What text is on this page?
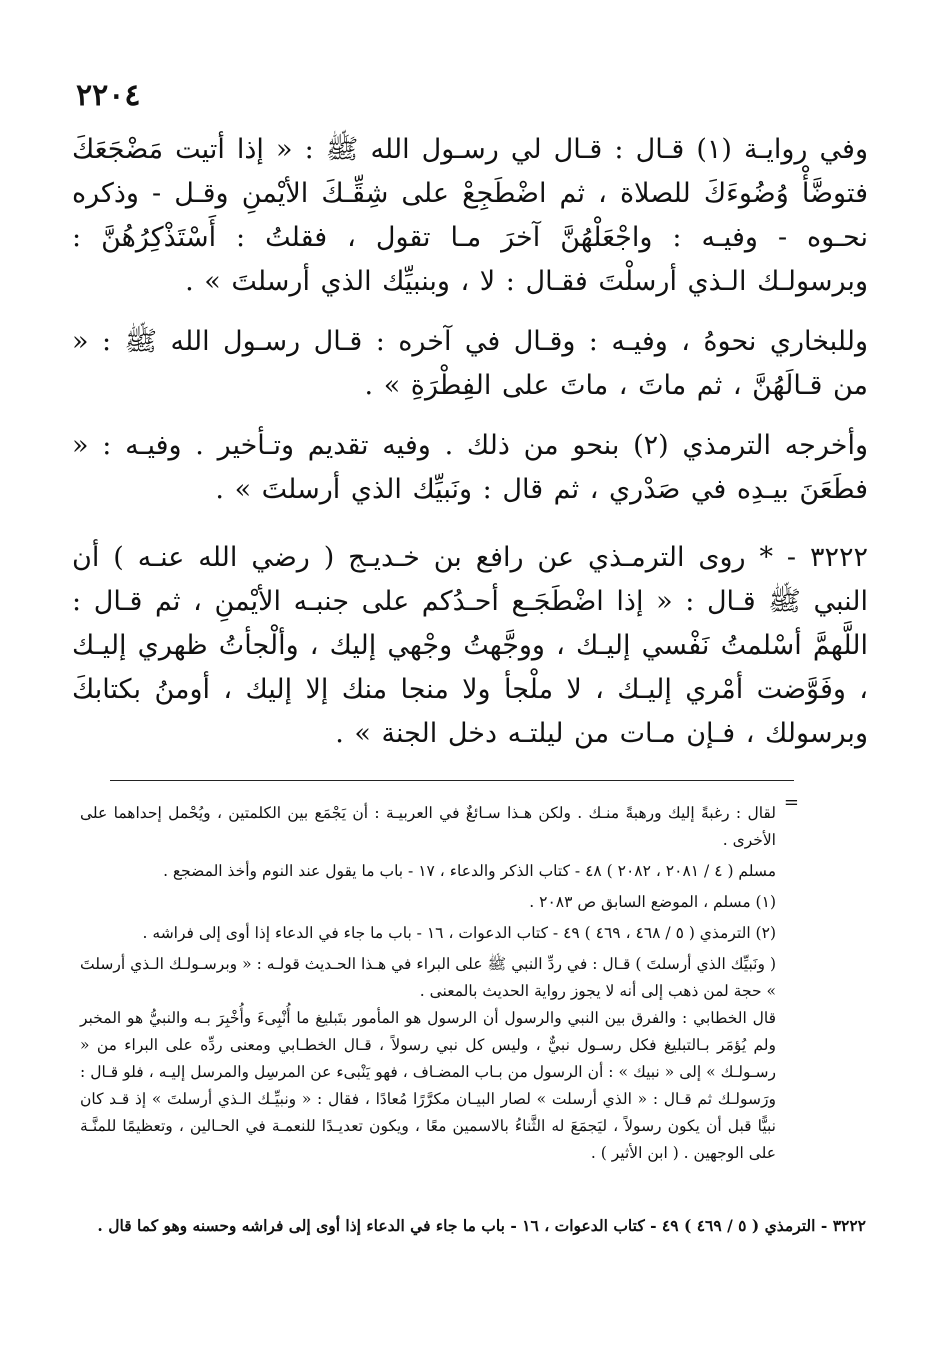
٢٢٠٤

وفي روايـة (١) قـال : قـال لي رسـول الله ﷺ : « إذا أتيت مَضْجَعَكَ فتوضَّأْ وُضُوءَكَ للصلاة ، ثم اضْطَجِعْ على شِقِّـكَ الأيْمنِ وقـل - وذكره نحـوه - وفيـه : واجْعَلْهُنَّ آخرَ مـا تقول ، فقلتُ : أَسْتَذْكِرُهُنَّ : وبرسولـك الـذي أرسلْتَ فقـال : لا ، وبنبيِّك الذي أرسلتَ » .

وللبخاري نحوهُ ، وفيـه : وقـال في آخره : قـال رسـول الله ﷺ : « من قـالَهُنَّ ، ثم ماتَ ، ماتَ على الفِطْرَةِ » .

وأخرجه الترمذي (٢) بنحو من ذلك . وفيه تقديم وتـأخير . وفيـه : « فطَعَنَ بيـدِه في صَدْري ، ثم قال : ونَبيِّك الذي أرسلتَ » .

٣٢٢٢ - * روى الترمـذي عن رافع بن خـديـج ( رضي الله عنـه ) أن النبي ﷺ قـال : « إذا اضْطَجَـع أحـدُكم على جنبـه الأيْمنِ ، ثم قـال : اللَّهمَّ أسْلمتُ نَفْسي إليـك ، ووجَّهتُ وجْهي إليك ، وألْجأتُ ظهري إليـك ، وفَوَّضت أمْري إليـك ، لا ملْجأ ولا منجا منك إلا إليك ، أومنُ بكتابكَ وبرسولك ، فـإن مـات من ليلتـه دخل الجنة » .

=

لقال : رغبةً إليك ورهبةً منـك . ولكن هـذا سـائغٌ في العربيـة : أن يَجْمَع بين الكلمتين ، ويُحْمل إحداهما على الأخرى .

مسلم ( ٤ / ٢٠٨١ ، ٢٠٨٢ ) ٤٨ - كتاب الذكر والدعاء ، ١٧ - باب ما يقول عند النوم وأخذ المضجع .

(١) مسلم ، الموضع السابق ص ٢٠٨٣ .

(٢) الترمذي ( ٥ / ٤٦٨ ، ٤٦٩ ) ٤٩ - كتاب الدعوات ، ١٦ - باب ما جاء في الدعاء إذا أوى إلى فراشه .

( ونَبيِّك الذي أرسلتَ ) قـال : في ردِّ النبي ﷺ على البراء في هـذا الحـديث قولـه : « وبرسـولـك الـذي أرسلتَ » حجة لمن ذهب إلى أنه لا يجوز رواية الحديث بالمعنى .

قال الخطابي : والفرق بين النبي والرسول أن الرسول هو المأمور بتَبليغ ما أُنْبِىءَ وأُخْبِرَ بـه والنبيُّ هو المخبر ولم يُؤمَر بـالتبليغ فكل رسـول نبيٌّ ، وليس كل نبي رسولاً ، قـال الخطـابي ومعنى ردِّه على البراء من « رسـولـك » إلى « نبيك » : أن الرسول من بـاب المضـاف ، فهو يَنْبىء عن المرسِل والمرسل إليـه ، فلو قـال : ورَسولـك ثم قـال : « الذي أرسلت » لصار البيـان مكرَّرًا مُعادًا ، فقال : « ونبيِّـك الـذي أرسلتَ » إذ قـد كان نبيًّا قبل أن يكون رسولاً ، ليَجمَعَ له الثَّناءُ بالاسمين معًا ، ويكون تعديـدًا للنعمـة في الحـالين ، وتعظيمًا للمنَّـة على الوجهين . ( ابن الأثير ) .

٣٢٢٢ - الترمذي ( ٥ / ٤٦٩ ) ٤٩ - كتاب الدعوات ، ١٦ - باب ما جاء في الدعاء إذا أوى إلى فراشه وحسنه وهو كما قال .
